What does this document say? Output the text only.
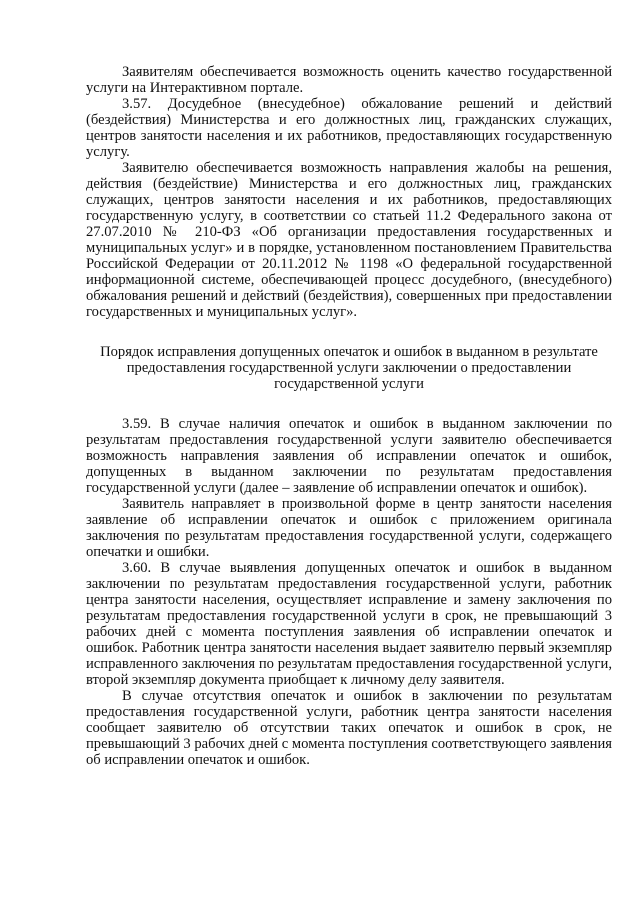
Заявителям обеспечивается возможность оценить качество государственной услуги на Интерактивном портале.

3.57. Досудебное (внесудебное) обжалование решений и действий (бездействия) Министерства и его должностных лиц, гражданских служащих, центров занятости населения и их работников, предоставляющих государственную услугу.

Заявителю обеспечивается возможность направления жалобы на решения, действия (бездействие) Министерства и его должностных лиц, гражданских служащих, центров занятости населения и их работников, предоставляющих государственную услугу, в соответствии со статьей 11.2 Федерального закона от 27.07.2010 № 210-ФЗ «Об организации предоставления государственных и муниципальных услуг» и в порядке, установленном постановлением Правительства Российской Федерации от 20.11.2012 № 1198 «О федеральной государственной информационной системе, обеспечивающей процесс досудебного, (внесудебного) обжалования решений и действий (бездействия), совершенных при предоставлении государственных и муниципальных услуг».

Порядок исправления допущенных опечаток и ошибок в выданном в результате предоставления государственной услуги заключении о предоставлении государственной услуги

3.59. В случае наличия опечаток и ошибок в выданном заключении по результатам предоставления государственной услуги заявителю обеспечивается возможность направления заявления об исправлении опечаток и ошибок, допущенных в выданном заключении по результатам предоставления государственной услуги (далее – заявление об исправлении опечаток и ошибок).

Заявитель направляет в произвольной форме в центр занятости населения заявление об исправлении опечаток и ошибок с приложением оригинала заключения по результатам предоставления государственной услуги, содержащего опечатки и ошибки.

3.60. В случае выявления допущенных опечаток и ошибок в выданном заключении по результатам предоставления государственной услуги, работник центра занятости населения, осуществляет исправление и замену заключения по результатам предоставления государственной услуги в срок, не превышающий 3 рабочих дней с момента поступления заявления об исправлении опечаток и ошибок. Работник центра занятости населения выдает заявителю первый экземпляр исправленного заключения по результатам предоставления государственной услуги, второй экземпляр документа приобщает к личному делу заявителя.

В случае отсутствия опечаток и ошибок в заключении по результатам предоставления государственной услуги, работник центра занятости населения сообщает заявителю об отсутствии таких опечаток и ошибок в срок, не превышающий 3 рабочих дней с момента поступления соответствующего заявления об исправлении опечаток и ошибок.
